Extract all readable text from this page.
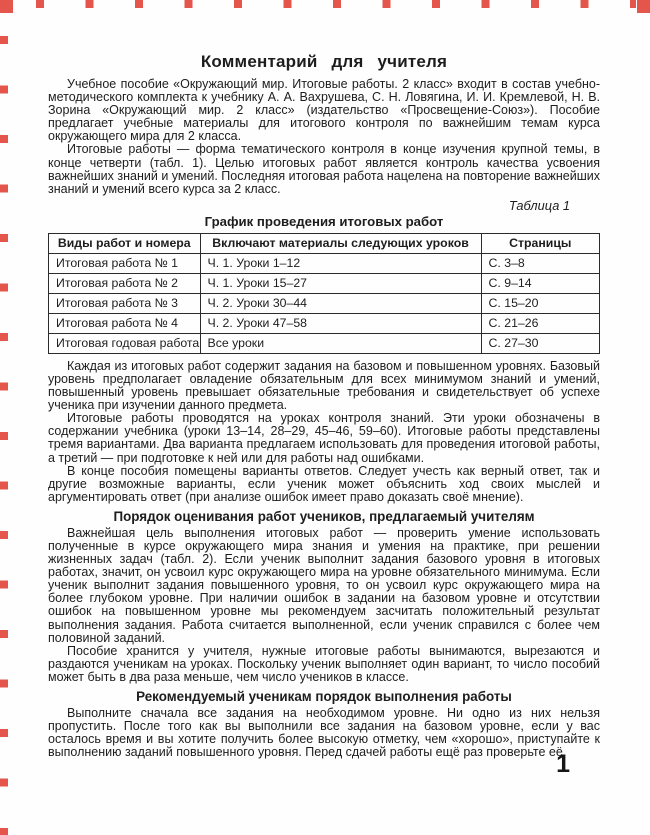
Комментарий для учителя

Учебное пособие «Окружающий мир. Итоговые работы. 2 класс» входит в состав учебно-методического комплекта к учебнику А. А. Вахрушева, С. Н. Ловягина, И. И. Кремлевой, Н. В. Зорина «Окружающий мир. 2 класс» (издательство «Просвещение-Союз»). Пособие предлагает учебные материалы для итогового контроля по важнейшим темам курса окружающего мира для 2 класса.

Итоговые работы — форма тематического контроля в конце изучения крупной темы, в конце четверти (табл. 1). Целью итоговых работ является контроль качества усвоения важнейших знаний и умений. Последняя итоговая работа нацелена на повторение важнейших знаний и умений всего курса за 2 класс.

Таблица 1
График проведения итоговых работ
Виды работ и номера	Включают материалы следующих уроков	Страницы
Итоговая работа № 1	Ч. 1. Уроки 1–12	С. 3–8
Итоговая работа № 2	Ч. 1. Уроки 15–27	С. 9–14
Итоговая работа № 3	Ч. 2. Уроки 30–44	С. 15–20
Итоговая работа № 4	Ч. 2. Уроки 47–58	С. 21–26
Итоговая годовая работа	Все уроки	С. 27–30

Каждая из итоговых работ содержит задания на базовом и повышенном уровнях. Базовый уровень предполагает овладение обязательным для всех минимумом знаний и умений, повышенный уровень превышает обязательные требования и свидетельствует об успехе ученика при изучении данного предмета.

Итоговые работы проводятся на уроках контроля знаний. Эти уроки обозначены в содержании учебника (уроки 13–14, 28–29, 45–46, 59–60). Итоговые работы представлены тремя вариантами. Два варианта предлагаем использовать для проведения итоговой работы, а третий — при подготовке к ней или для работы над ошибками.

В конце пособия помещены варианты ответов. Следует учесть как верный ответ, так и другие возможные варианты, если ученик может объяснить ход своих мыслей и аргументировать ответ (при анализе ошибок имеет право доказать своё мнение).

Порядок оценивания работ учеников, предлагаемый учителям

Важнейшая цель выполнения итоговых работ — проверить умение использовать полученные в курсе окружающего мира знания и умения на практике, при решении жизненных задач (табл. 2). Если ученик выполнит задания базового уровня в итоговых работах, значит, он усвоил курс окружающего мира на уровне обязательного минимума. Если ученик выполнит задания повышенного уровня, то он усвоил курс окружающего мира на более глубоком уровне. При наличии ошибок в задании на базовом уровне и отсутствии ошибок на повышенном уровне мы рекомендуем засчитать положительный результат выполнения задания. Работа считается выполненной, если ученик справился с более чем половиной заданий.

Пособие хранится у учителя, нужные итоговые работы вынимаются, вырезаются и раздаются ученикам на уроках. Поскольку ученик выполняет один вариант, то число пособий может быть в два раза меньше, чем число учеников в классе.

Рекомендуемый ученикам порядок выполнения работы

Выполните сначала все задания на необходимом уровне. Ни одно из них нельзя пропустить. После того как вы выполнили все задания на базовом уровне, если у вас осталось время и вы хотите получить более высокую отметку, чем «хорошо», приступайте к выполнению заданий повышенного уровня. Перед сдачей работы ещё раз проверьте её.

1
